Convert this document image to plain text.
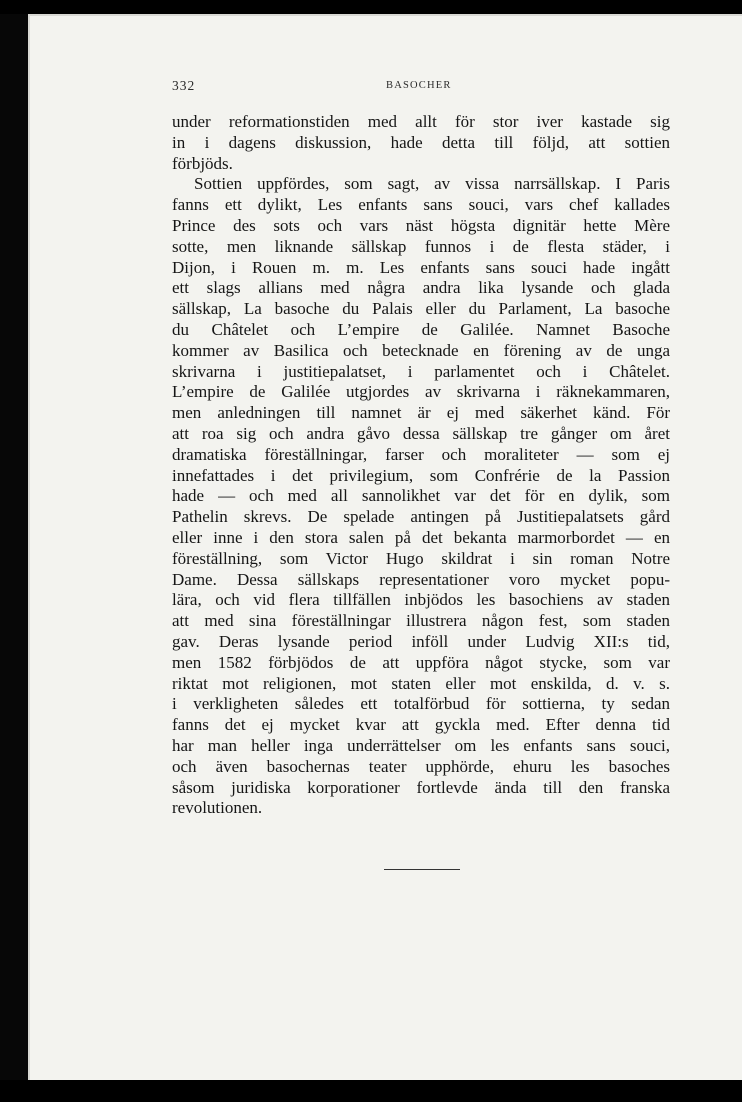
332	BASOCHER
under reformationstiden med allt för stor iver kastade sig
in i dagens diskussion, hade detta till följd, att sottien
förbjöds.
Sottien uppfördes, som sagt, av vissa narrsällskap. I Paris
fanns ett dylikt, Les enfants sans souci, vars chef kallades
Prince des sots och vars näst högsta dignitär hette Mère
sotte, men liknande sällskap funnos i de flesta städer, i
Dijon, i Rouen m. m. Les enfants sans souci hade ingått
ett slags allians med några andra lika lysande och glada
sällskap, La basoche du Palais eller du Parlament, La basoche
du Châtelet och L’empire de Galilée. Namnet Basoche
kommer av Basilica och betecknade en förening av de unga
skrivarna i justitiepalatset, i parlamentet och i Châtelet.
L’empire de Galilée utgjordes av skrivarna i räknekammaren,
men anledningen till namnet är ej med säkerhet känd. För
att roa sig och andra gåvo dessa sällskap tre gånger om året
dramatiska föreställningar, farser och moraliteter — som ej
innefattades i det privilegium, som Confrérie de la Passion
hade — och med all sannolikhet var det för en dylik, som
Pathelin skrevs. De spelade antingen på Justitiepalatsets gård
eller inne i den stora salen på det bekanta marmorbordet — en
föreställning, som Victor Hugo skildrat i sin roman Notre
Dame. Dessa sällskaps representationer voro mycket popu-
lära, och vid flera tillfällen inbjödos les basochiens av staden
att med sina föreställningar illustrera någon fest, som staden
gav. Deras lysande period inföll under Ludvig XII:s tid,
men 1582 förbjödos de att uppföra något stycke, som var
riktat mot religionen, mot staten eller mot enskilda, d. v. s.
i verkligheten således ett totalförbud för sottierna, ty sedan
fanns det ej mycket kvar att gyckla med. Efter denna tid
har man heller inga underrättelser om les enfants sans souci,
och även basochernas teater upphörde, ehuru les basoches
såsom juridiska korporationer fortlevde ända till den franska
revolutionen.
